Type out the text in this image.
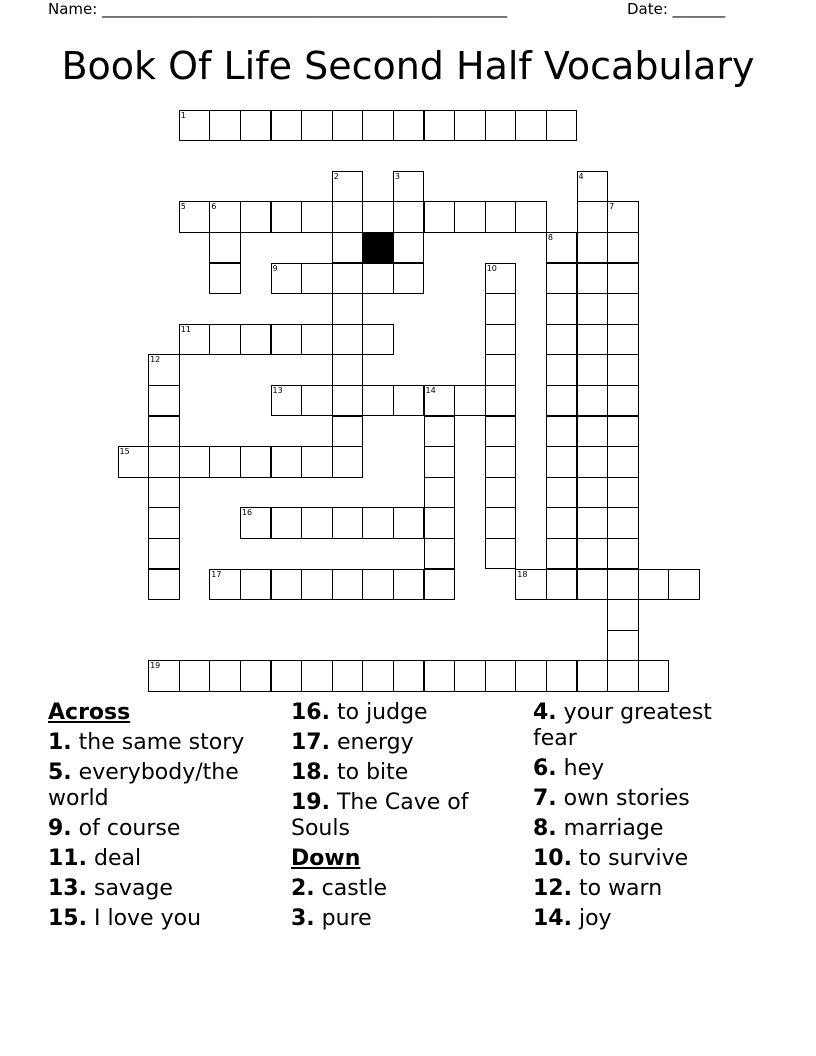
Name: ______________________________________________________	Date: _______
Book Of Life Second Half Vocabulary
1
2	3	4
5	6	7
8
9	10
11
12
13	14
15
16
17	18
19
Across
1. the same story
5. everybody/the world
9. of course
11. deal
13. savage
15. I love you
16. to judge
17. energy
18. to bite
19. The Cave of Souls
Down
2. castle
3. pure
4. your greatest fear
6. hey
7. own stories
8. marriage
10. to survive
12. to warn
14. joy
